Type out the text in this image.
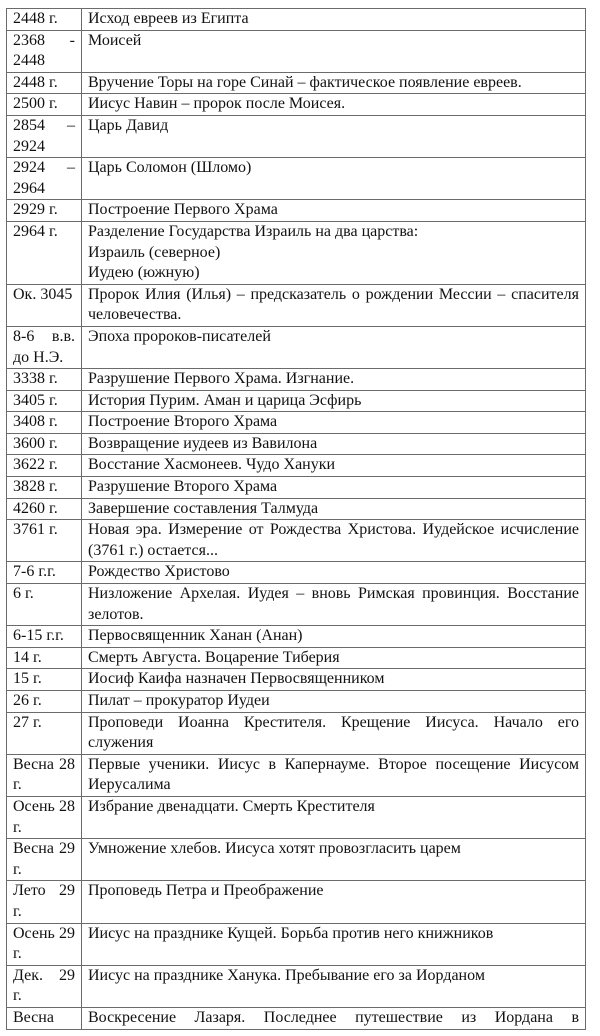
2448 г.	Исход евреев из Египта
2368 - 2448	Моисей
2448 г.	Вручение Торы на горе Синай – фактическое появление евреев.
2500 г.	Иисус Навин – пророк после Моисея.
2854 – 2924	Царь Давид
2924 – 2964	Царь Соломон (Шломо)
2929 г.	Построение Первого Храма
2964 г.	Разделение Государства Израиль на два царства:
Израиль (северное)
Иудею (южную)

Ок. 3045	Пророк Илия (Илья) – предсказатель о рождении Мессии – спасителя человечества.
8-6 в.в. до Н.Э.	Эпоха пророков-писателей
3338 г.	Разрушение Первого Храма. Изгнание.
3405 г.	История Пурим. Аман и царица Эсфирь
3408 г.	Построение Второго Храма
3600 г.	Возвращение иудеев из Вавилона
3622 г.	Восстание Хасмонеев. Чудо Хануки
3828 г.	Разрушение Второго Храма
4260 г.	Завершение составления Талмуда
3761 г.	Новая эра. Измерение от Рождества Христова. Иудейское исчисление (3761 г.) остается...
7-6 г.г.	Рождество Христово
6 г.	Низложение Архелая. Иудея – вновь Римская провинция. Восстание зелотов.
6-15 г.г.	Первосвященник Ханан (Анан)
14 г.	Смерть Августа. Воцарение Тиберия
15 г.	Иосиф Каифа назначен Первосвященником
26 г.	Пилат – прокуратор Иудеи
27 г.	Проповеди Иоанна Крестителя. Крещение Иисуса. Начало его служения
Весна 28 г.	Первые ученики. Иисус в Капернауме. Второе посещение Иисусом Иерусалима
Осень 28 г.	Избрание двенадцати. Смерть Крестителя
Весна 29 г.	Умножение хлебов. Иисуса хотят провозгласить царем
Лето 29 г.	Проповедь Петра и Преображение
Осень 29 г.	Иисус на празднике Кущей. Борьба против него книжников
Дек. 29 г.	Иисус на празднике Ханука. Пребывание его за Иорданом
Весна	Воскресение Лазаря. Последнее путешествие из Иордана в
